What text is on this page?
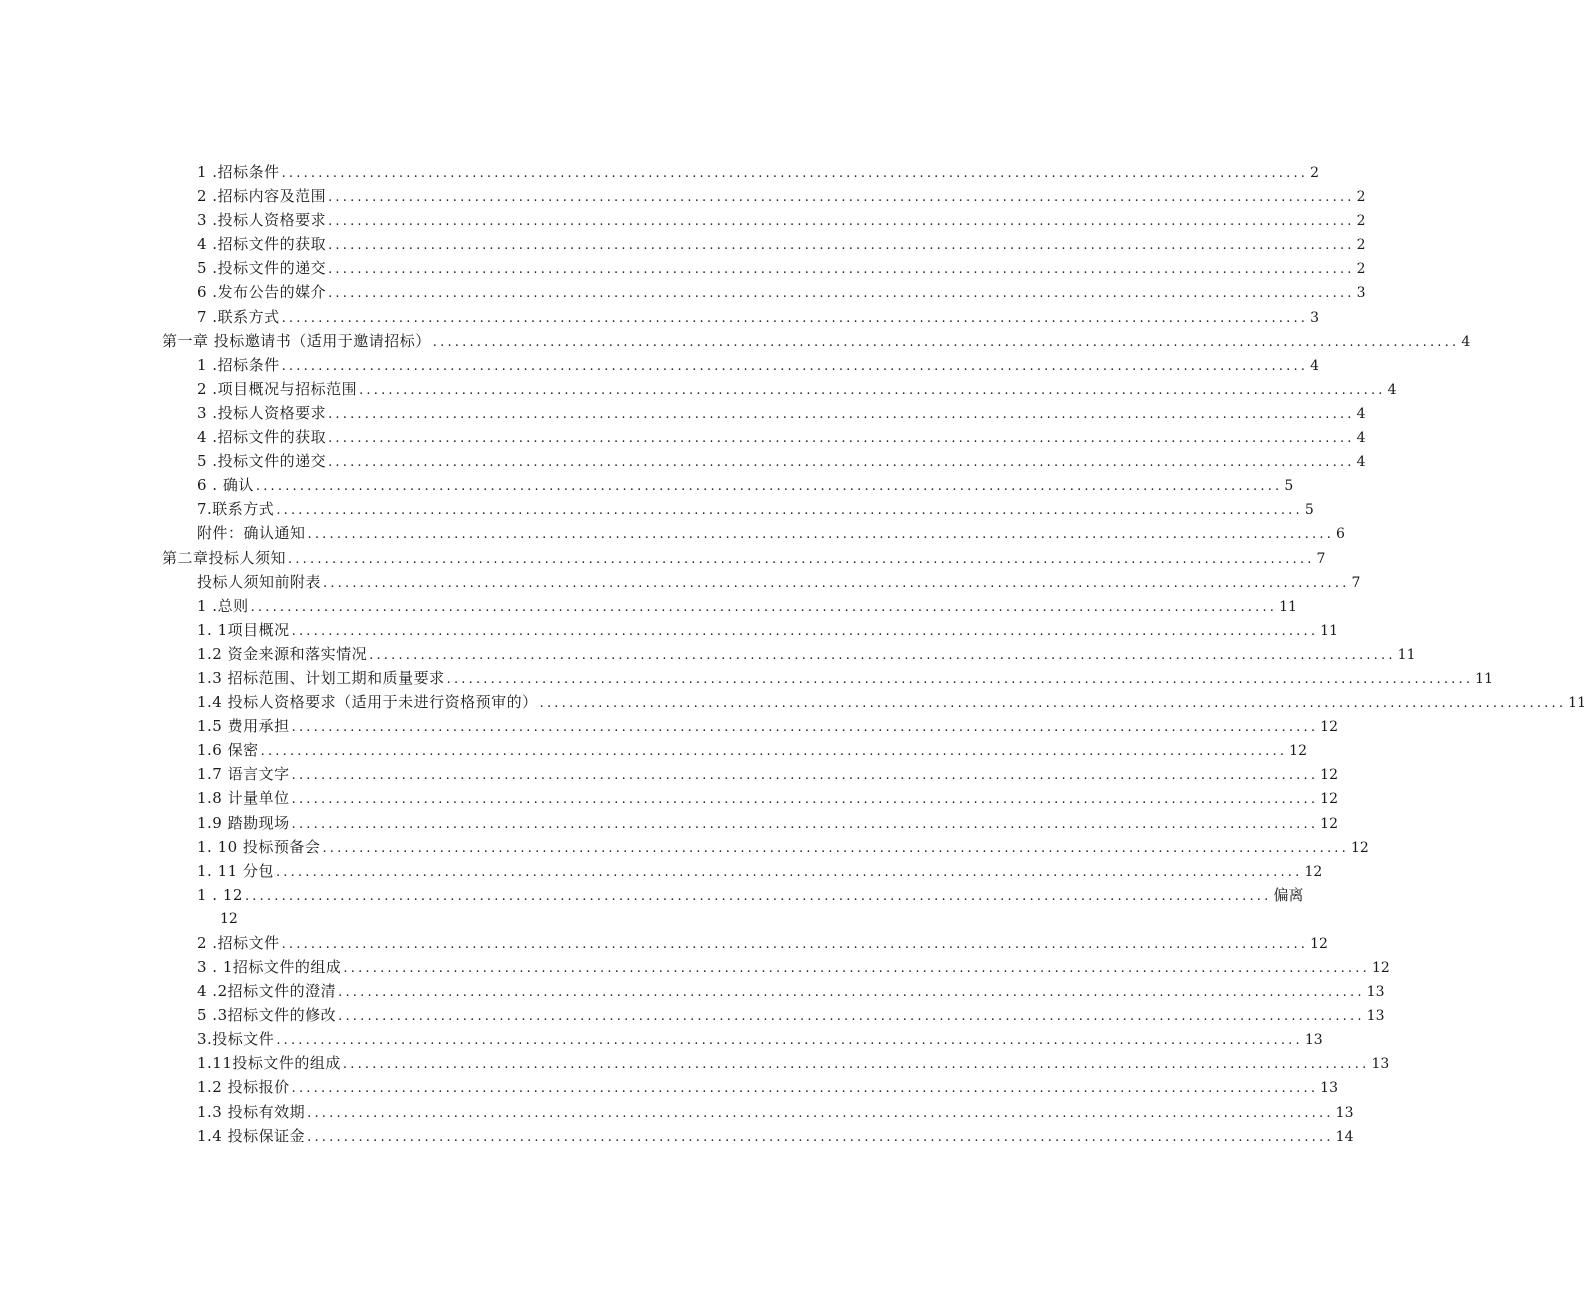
1 .招标条件 ............................................................................................................................................ 2
2 .招标内容及范围 ............................................................................................................................................ 2
3 .投标人资格要求 ............................................................................................................................................ 2
4 .招标文件的获取 ............................................................................................................................................ 2
5 .投标文件的递交 ............................................................................................................................................ 2
6 .发布公告的媒介 ............................................................................................................................................ 3
7 .联系方式 ............................................................................................................................................ 3
第一章 投标邀请书（适用于邀请招标） ............................................................................................................................................ 4
1 .招标条件 ............................................................................................................................................ 4
2 .项目概况与招标范围 ............................................................................................................................................ 4
3 .投标人资格要求 ............................................................................................................................................ 4
4 .招标文件的获取 ............................................................................................................................................ 4
5 .投标文件的递交 ............................................................................................................................................ 4
6 . 确认 ............................................................................................................................................ 5
7.联系方式 ............................................................................................................................................ 5
附件：确认通知 ............................................................................................................................................ 6
第二章投标人须知 ............................................................................................................................................ 7
投标人须知前附表 ............................................................................................................................................ 7
1 .总则 ............................................................................................................................................ 11
1. 1项目概况 ............................................................................................................................................ 11
1.2 资金来源和落实情况 ............................................................................................................................................ 11
1.3 招标范围、计划工期和质量要求 ............................................................................................................................................ 11
1.4 投标人资格要求（适用于未进行资格预审的） ............................................................................................................................................ 11
1.5 费用承担 ............................................................................................................................................ 12
1.6 保密 ............................................................................................................................................ 12
1.7 语言文字 ............................................................................................................................................ 12
1.8 计量单位 ............................................................................................................................................ 12
1.9 踏勘现场 ............................................................................................................................................ 12
1. 10 投标预备会 ............................................................................................................................................ 12
1. 11 分包 ............................................................................................................................................ 12
1 . 12 ............................................................................................................................................ 偏离
12
2 .招标文件 ............................................................................................................................................ 12
3 . 1招标文件的组成 ............................................................................................................................................ 12
4 .2招标文件的澄清 ............................................................................................................................................ 13
5 .3招标文件的修改 ............................................................................................................................................ 13
3.投标文件 ............................................................................................................................................ 13
1.11投标文件的组成 ............................................................................................................................................ 13
1.2 投标报价 ............................................................................................................................................ 13
1.3 投标有效期 ............................................................................................................................................ 13
1.4 投标保证金 ............................................................................................................................................ 14
